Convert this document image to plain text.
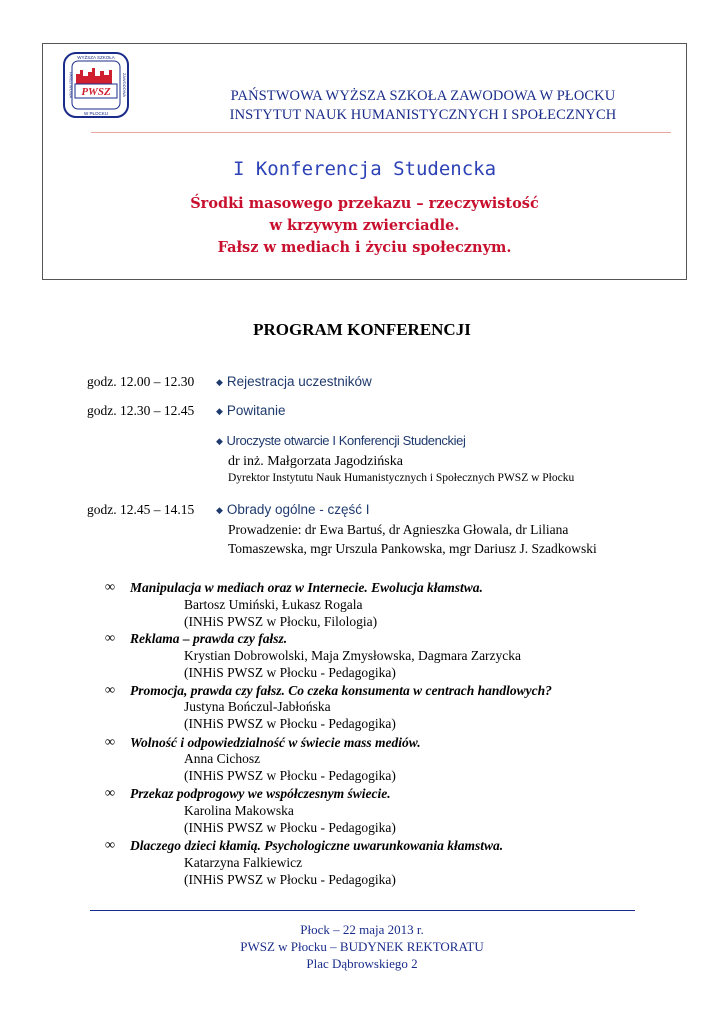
PWSZ
WYŻSZA SZKOŁA
W PŁOCKU
PAŃSTWOWA	ZAWODOWA	PAŃSTWOWA WYŻSZA SZKOŁA ZAWODOWA W PŁOCKU
INSTYTUT NAUK HUMANISTYCZNYCH I SPOŁECZNYCH
I Konferencja Studencka
Środki masowego przekazu – rzeczywistość
w krzywym zwierciadle.
Fałsz w mediach i życiu społecznym.
PROGRAM KONFERENCJI
godz. 12.00 – 12.30 ◆ Rejestracja uczestników
godz. 12.30 – 12.45 ◆ Powitanie
◆ Uroczyste otwarcie I Konferencji Studenckiej
dr inż. Małgorzata Jagodzińska
Dyrektor Instytutu Nauk Humanistycznych i Społecznych PWSZ w Płocku
godz. 12.45 – 14.15 ◆ Obrady ogólne - część I
Prowadzenie: dr Ewa Bartuś, dr Agnieszka Głowala, dr Liliana
Tomaszewska, mgr Urszula Pankowska, mgr Dariusz J. Szadkowski
∞ Manipulacja w mediach oraz w Internecie. Ewolucja kłamstwa.
Bartosz Umiński, Łukasz Rogala
(INHiS PWSZ w Płocku, Filologia)
∞ Reklama – prawda czy fałsz.
Krystian Dobrowolski, Maja Zmysłowska, Dagmara Zarzycka
(INHiS PWSZ w Płocku - Pedagogika)
∞ Promocja, prawda czy fałsz. Co czeka konsumenta w centrach handlowych?
Justyna Bończul-Jabłońska
(INHiS PWSZ w Płocku - Pedagogika)
∞ Wolność i odpowiedzialność w świecie mass mediów.
Anna Cichosz
(INHiS PWSZ w Płocku - Pedagogika)
∞ Przekaz podprogowy we współczesnym świecie.
Karolina Makowska
(INHiS PWSZ w Płocku - Pedagogika)
∞ Dlaczego dzieci kłamią. Psychologiczne uwarunkowania kłamstwa.
Katarzyna Falkiewicz
(INHiS PWSZ w Płocku - Pedagogika)
Płock – 22 maja 2013 r.
PWSZ w Płocku – BUDYNEK REKTORATU
Plac Dąbrowskiego 2
